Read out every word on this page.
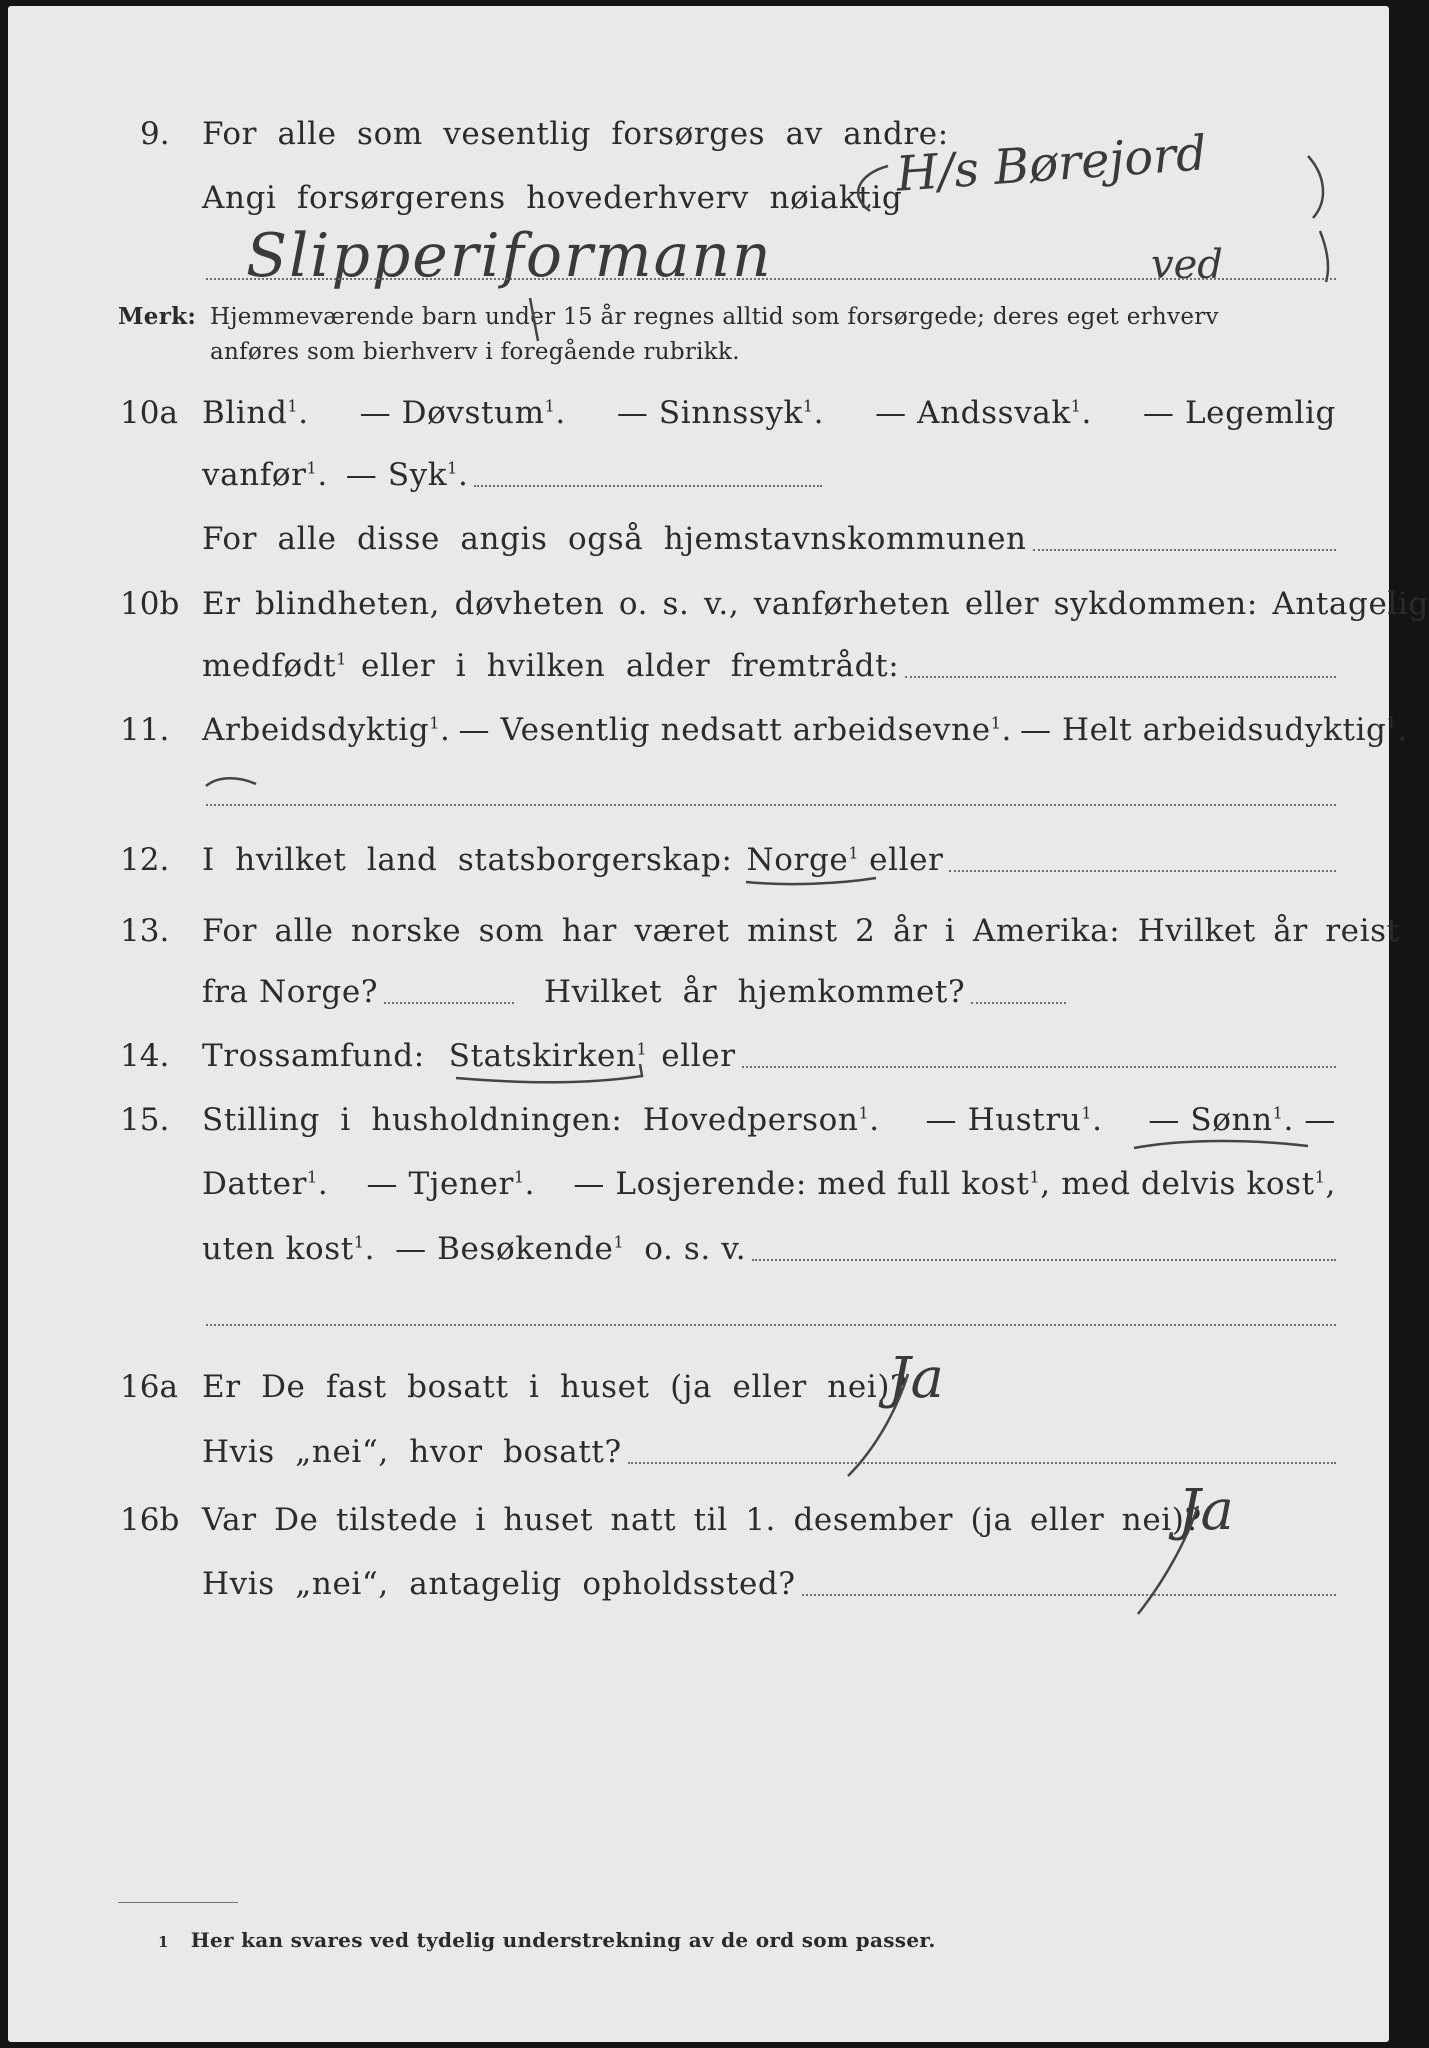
9. For alle som vesentlig forsørges av andre:
H/s Børejord
Angi forsørgerens hovederhverv nøiaktig
Slipperiformann	ved
Merk: Hjemmeværende barn under 15 år regnes alltid som forsørgede; deres eget erhverv
anføres som bierhverv i foregående rubrikk.
10a Blind$^1$. — Døvstum$^1$. — Sinnssyk$^1$. — Andssvak$^1$. — Legemlig
vanfør$^1$. — Syk$^1$.
For alle disse angis også hjemstavnskommunen
10b Er blindheten, døvheten o. s. v., vanførheten eller sykdommen: Antagelig
medfødt$^1$ eller i hvilken alder fremtrådt:
11. Arbeidsdyktig$^1$. — Vesentlig nedsatt arbeidsevne$^1$. — Helt arbeidsudyktig$^1$.
12. I hvilket land statsborgerskap: Norge$^1$ eller
13. For alle norske som har været minst 2 år i Amerika: Hvilket år reist
fra Norge?	Hvilket år hjemkommet?
14. Trossamfund: Statskirken$^1$ eller
15. Stilling i husholdningen: Hovedperson$^1$. — Hustru$^1$. — Sønn$^1$. —
Datter$^1$. — Tjener$^1$. — Losjerende: med full kost$^1$, med delvis kost$^1$,
uten kost$^1$. — Besøkende$^1$ o. s. v.
16a Er De fast bosatt i huset (ja eller nei)?
Ja
Hvis „nei“, hvor bosatt?
16b Var De tilstede i huset natt til 1. desember (ja eller nei)?
Ja
Hvis „nei“, antagelig opholdssted?
1 Her kan svares ved tydelig understrekning av de ord som passer.
